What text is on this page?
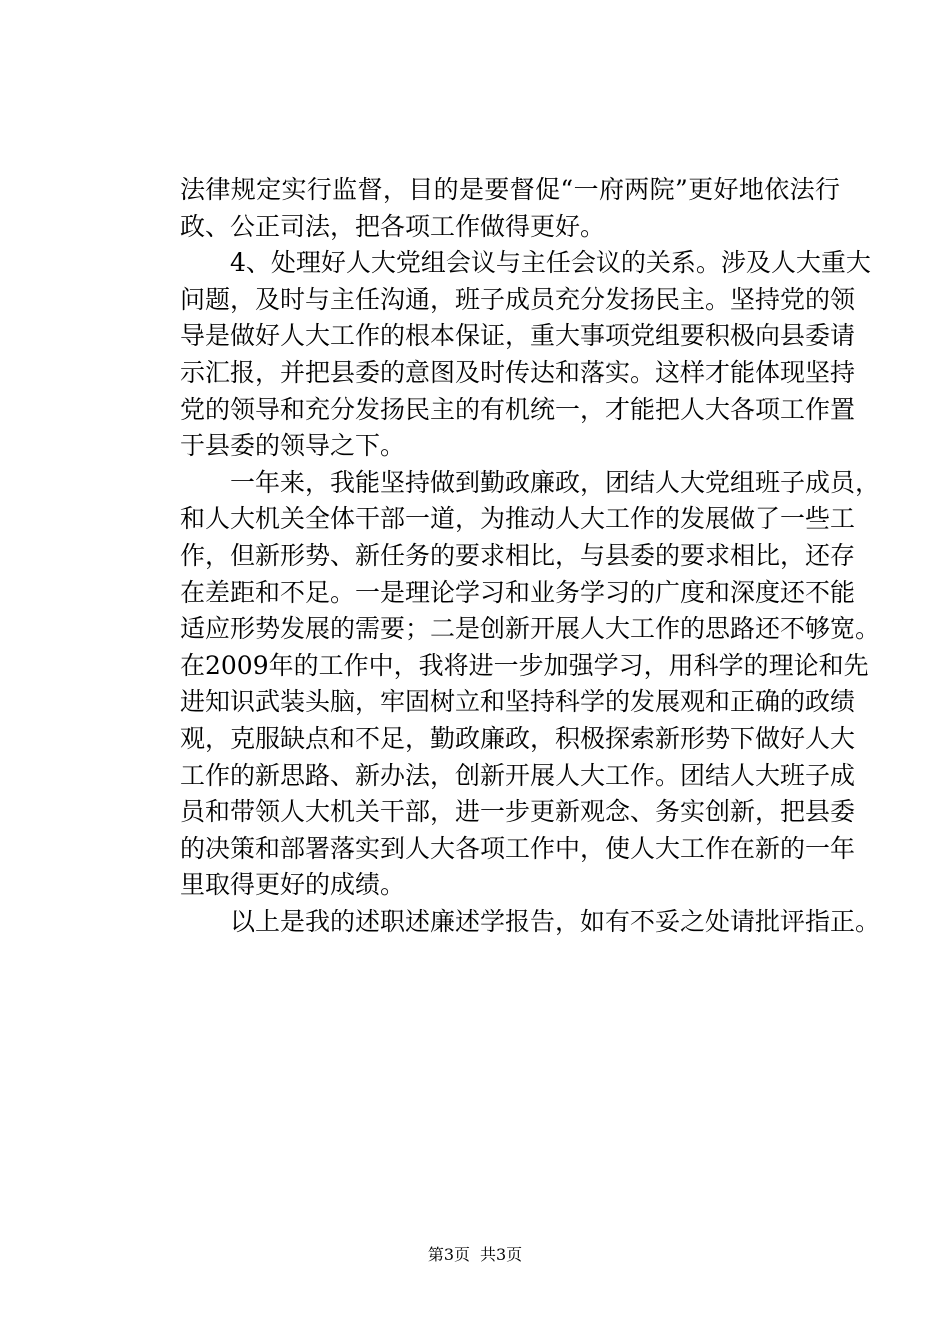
法律规定实行监督，目的是要督促“一府两院”更好地依法行
政、公正司法，把各项工作做得更好。
4、处理好人大党组会议与主任会议的关系。涉及人大重大
问题，及时与主任沟通，班子成员充分发扬民主。坚持党的领
导是做好人大工作的根本保证，重大事项党组要积极向县委请
示汇报，并把县委的意图及时传达和落实。这样才能体现坚持
党的领导和充分发扬民主的有机统一，才能把人大各项工作置
于县委的领导之下。
一年来，我能坚持做到勤政廉政，团结人大党组班子成员，
和人大机关全体干部一道，为推动人大工作的发展做了一些工
作，但新形势、新任务的要求相比，与县委的要求相比，还存
在差距和不足。一是理论学习和业务学习的广度和深度还不能
适应形势发展的需要；二是创新开展人大工作的思路还不够宽。
在2009年的工作中，我将进一步加强学习，用科学的理论和先
进知识武装头脑，牢固树立和坚持科学的发展观和正确的政绩
观，克服缺点和不足，勤政廉政，积极探索新形势下做好人大
工作的新思路、新办法，创新开展人大工作。团结人大班子成
员和带领人大机关干部，进一步更新观念、务实创新，把县委
的决策和部署落实到人大各项工作中，使人大工作在新的一年
里取得更好的成绩。
以上是我的述职述廉述学报告，如有不妥之处请批评指正。
第3页 共3页
